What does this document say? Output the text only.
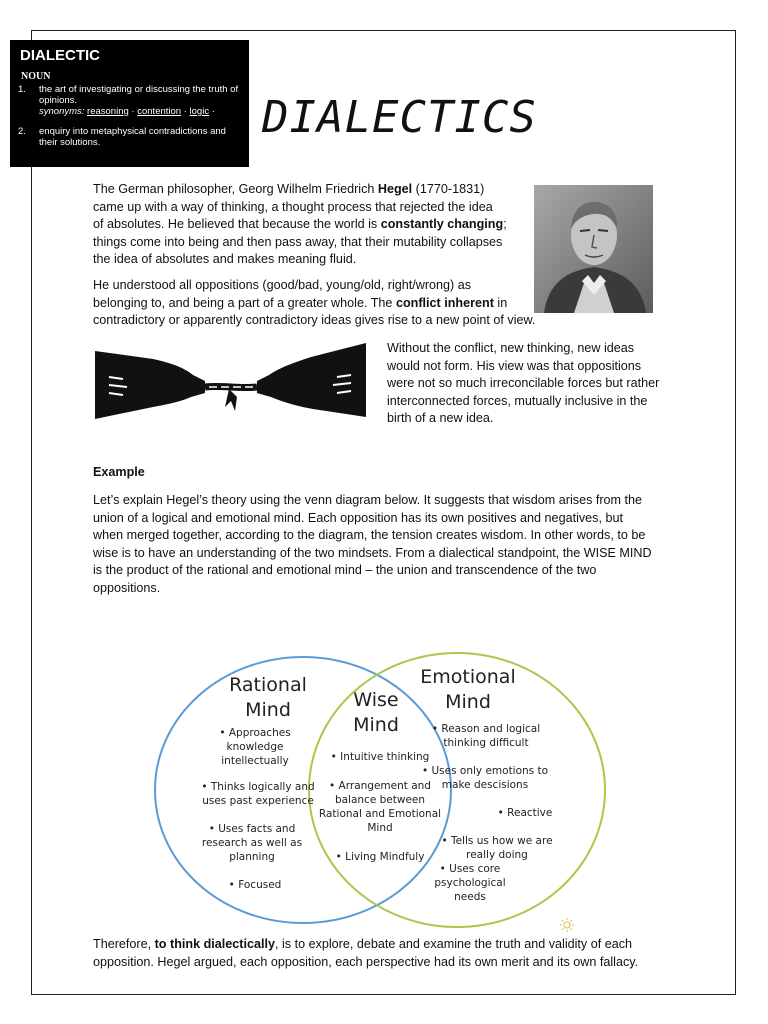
DIALECTIC
NOUN
1. the art of investigating or discussing the truth of opinions.
synonyms: reasoning · contention · logic ·
2. enquiry into metaphysical contradictions and their solutions.	DIALECTICS

The German philosopher, Georg Wilhelm Friedrich Hegel (1770-1831)
came up with a way of thinking, a thought process that rejected the idea
of absolutes. He believed that because the world is constantly changing;
things come into being and then pass away, that their mutability collapses
the idea of absolutes and makes meaning fluid.

He understood all oppositions (good/bad, young/old, right/wrong) as
belonging to, and being a part of a greater whole. The conflict inherent in
contradictory or apparently contradictory ideas gives rise to a new point of view.

Without the conflict, new thinking, new ideas
would not form. His view was that oppositions
were not so much irreconcilable forces but rather
interconnected forces, mutually inclusive in the
birth of a new idea.

Example

Let’s explain Hegel’s theory using the venn diagram below. It suggests that wisdom arises from the
union of a logical and emotional mind. Each opposition has its own positives and negatives, but
when merged together, according to the diagram, the tension creates wisdom. In other words, to be
wise is to have an understanding of the two mindsets. From a dialectical standpoint, the WISE MIND
is the product of the rational and emotional mind – the union and transcendence of the two
oppositions.

Rational Mind	Wise Mind
Emotional Mind
• Approaches knowledge intellectually
• Thinks logically and uses past experience
• Uses facts and research as well as planning
• Focused
• Intuitive thinking
• Arrangement and balance between Rational and Emotional Mind
• Living Mindfuly
• Reason and logical thinking difficult
• Uses only emotions to make descisions
• Reactive
• Tells us how we are really doing
• Uses core psychological needs

Therefore, to think dialectically, is to explore, debate and examine the truth and validity of each
opposition. Hegel argued, each opposition, each perspective had its own merit and its own fallacy.
